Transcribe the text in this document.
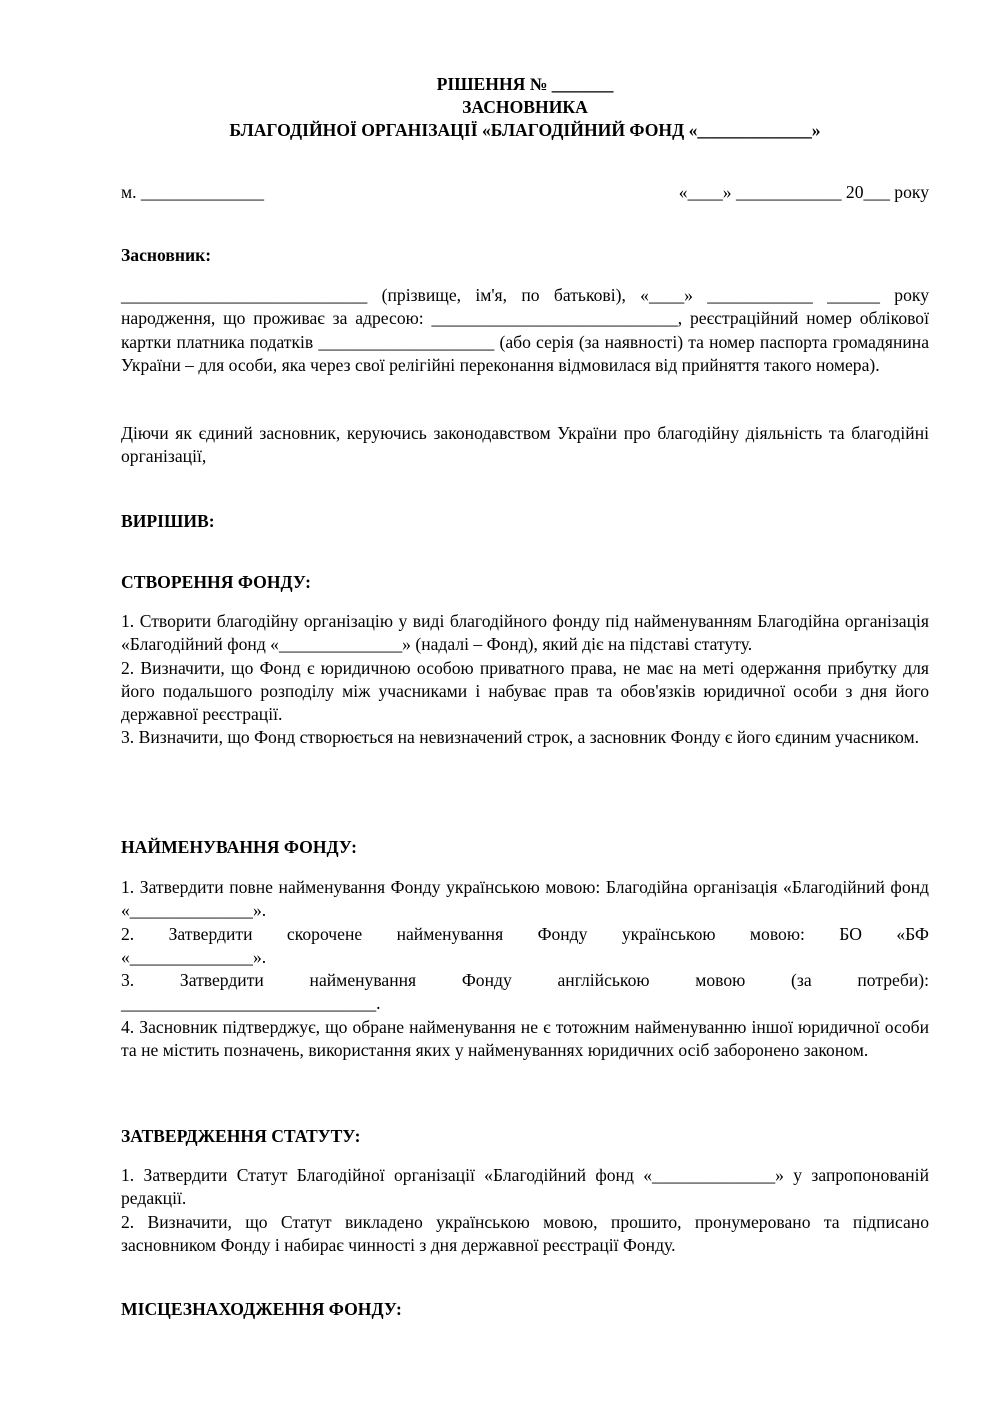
РІШЕННЯ № _______
ЗАСНОВНИКА
БЛАГОДІЙНОЇ ОРГАНІЗАЦІЇ «БЛАГОДІЙНИЙ ФОНД «_____________»
м. ______________	«____» ____________ 20___ року
Засновник:
____________________________ (прізвище, ім'я, по батькові), «____» ____________ ______ року народження, що проживає за адресою: ____________________________, реєстраційний номер облікової картки платника податків ____________________ (або серія (за наявності) та номер паспорта громадянина України – для особи, яка через свої релігійні переконання відмовилася від прийняття такого номера).
Діючи як єдиний засновник, керуючись законодавством України про благодійну діяльність та благодійні організації,
ВИРІШИВ:
СТВОРЕННЯ ФОНДУ:
1. Створити благодійну організацію у виді благодійного фонду під найменуванням Благодійна організація «Благодійний фонд «______________» (надалі – Фонд), який діє на підставі статуту.
2. Визначити, що Фонд є юридичною особою приватного права, не має на меті одержання прибутку для його подальшого розподілу між учасниками і набуває прав та обов'язків юридичної особи з дня його державної реєстрації.
3. Визначити, що Фонд створюється на невизначений строк, а засновник Фонду є його єдиним учасником.
НАЙМЕНУВАННЯ ФОНДУ:
1. Затвердити повне найменування Фонду українською мовою: Благодійна організація «Благодійний фонд «______________».
2. Затвердити скорочене найменування Фонду українською мовою: БО «БФ
«______________».
3.	Затвердити	найменування	Фонду	англійською	мовою	(за	потреби):
_____________________________.
4. Засновник підтверджує, що обране найменування не є тотожним найменуванню іншої юридичної особи та не містить позначень, використання яких у найменуваннях юридичних осіб заборонено законом.
ЗАТВЕРДЖЕННЯ СТАТУТУ:
1. Затвердити Статут Благодійної організації «Благодійний фонд «______________» у запропонованій редакції.
2. Визначити, що Статут викладено українською мовою, прошито, пронумеровано та підписано засновником Фонду і набирає чинності з дня державної реєстрації Фонду.
МІСЦЕЗНАХОДЖЕННЯ ФОНДУ:
